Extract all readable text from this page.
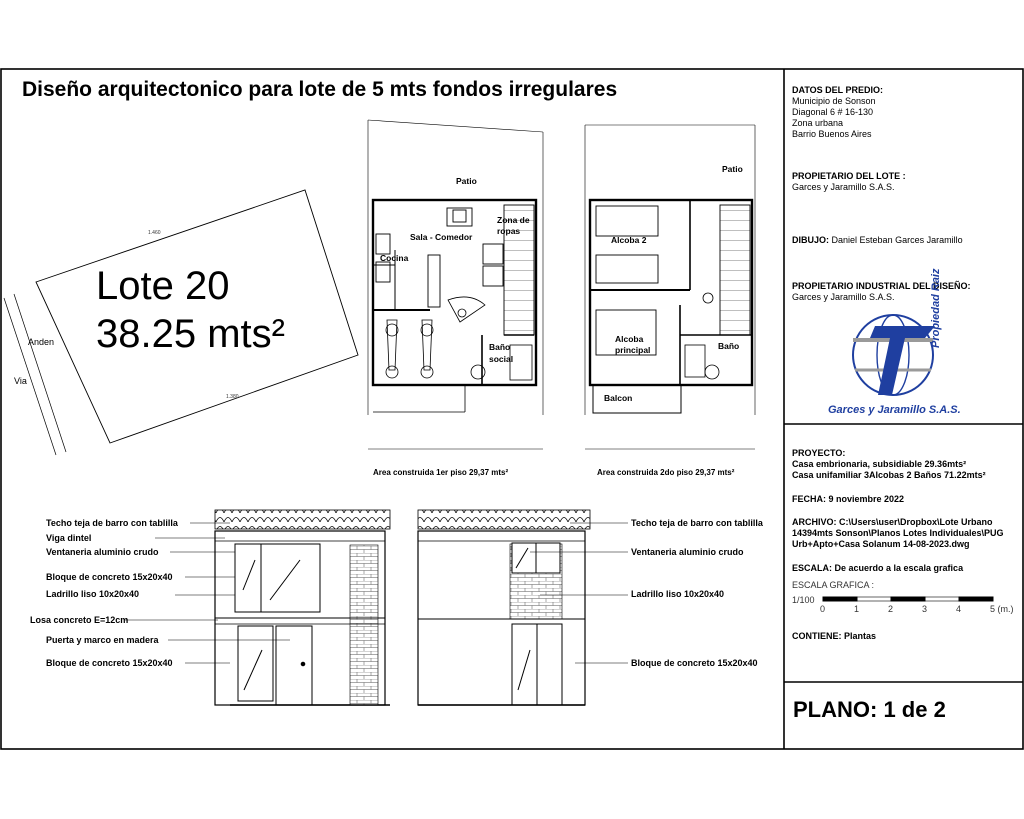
1.460
1.380
Diseño arquitectonico para lote de 5 mts fondos irregulares
Lote 20
38.25 mts²
Anden
Via
Patio
Sala - Comedor
Cocina
Zona de
ropas
Baño
social
Area construida 1er piso 29,37 mts²
Patio
Alcoba 2
Alcoba
principal	Baño
Balcon
Area construida 2do piso 29,37 mts²
Techo teja de barro con tablilla
Viga dintel
Ventaneria aluminio crudo
Bloque de concreto 15x20x40
Ladrillo liso 10x20x40
Losa concreto E=12cm
Puerta y marco en madera
Bloque de concreto 15x20x40
Techo teja de barro con tablilla
Ventaneria aluminio crudo
Ladrillo liso 10x20x40
Bloque de concreto 15x20x40
DATOS DEL PREDIO:
Municipio de Sonson
Diagonal 6 # 16-130
Zona urbana
Barrio Buenos Aires
PROPIETARIO DEL LOTE :
Garces y Jaramillo S.A.S.
DIBUJO: Daniel Esteban Garces Jaramillo
PROPIETARIO INDUSTRIAL DEL DISEÑO:
Garces y Jaramillo S.A.S.	Propiedad Raiz
Garces y Jaramillo S.A.S.
PROYECTO:
Casa embrionaria, subsidiable 29.36mts²
Casa unifamiliar 3Alcobas 2 Baños 71.22mts²
FECHA: 9 noviembre 2022
ARCHIVO: C:\Users\user\Dropbox\Lote Urbano
14394mts Sonson\Planos Lotes Individuales\PUG
Urb+Apto+Casa Solanum 14-08-2023.dwg
ESCALA: De acuerdo a la escala grafica
ESCALA GRAFICA :
1/100
0	1	2	3	4	5 (m.)
CONTIENE: Plantas
PLANO: 1 de 2
